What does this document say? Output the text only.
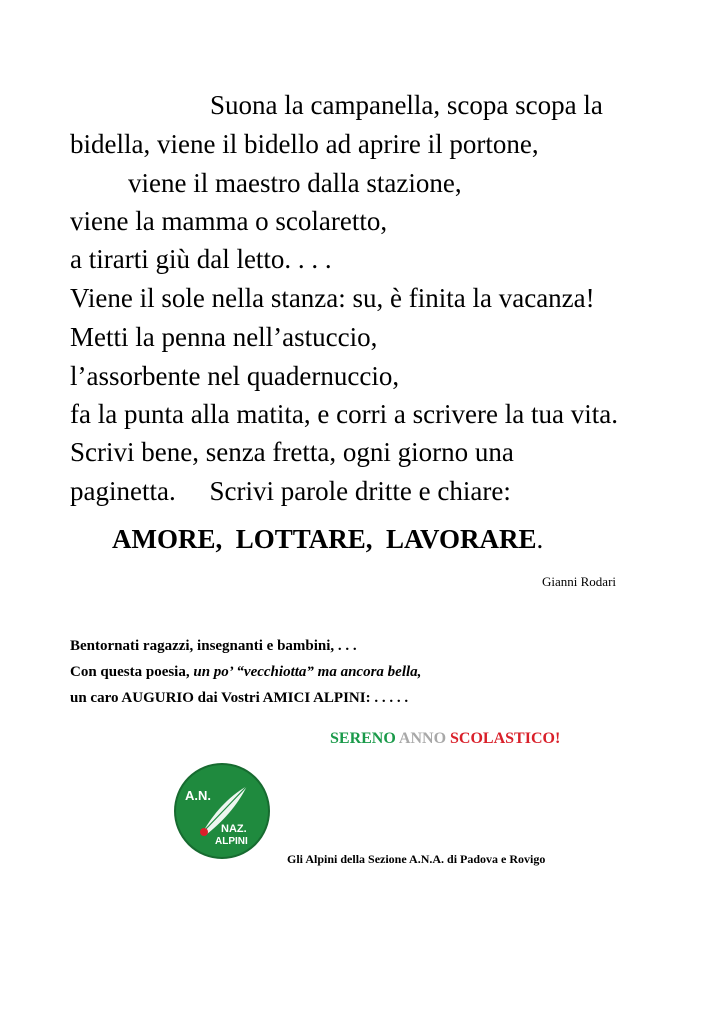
Suona la campanella, scopa scopa la
bidella, viene il bidello ad aprire il portone,
viene il maestro dalla stazione,
viene la mamma o scolaretto,
a tirarti giù dal letto. . . .
Viene il sole nella stanza: su, è finita la vacanza!
Metti la penna nell’astuccio,
l’assorbente nel quadernuccio,
fa la punta alla matita, e corri a scrivere la tua vita.
Scrivi bene, senza fretta, ogni giorno una
paginetta.     Scrivi parole dritte e chiare:
AMORE,  LOTTARE,  LAVORARE.
Gianni Rodari
Bentornati ragazzi, insegnanti e bambini, . . .
Con questa poesia, un po’ “vecchiotta” ma ancora bella,
un caro AUGURIO dai Vostri AMICI ALPINI: . . . . .
SERENO ANNO SCOLASTICO!
A.N.
NAZ.
ALPINI
Gli Alpini della Sezione A.N.A. di Padova e Rovigo
